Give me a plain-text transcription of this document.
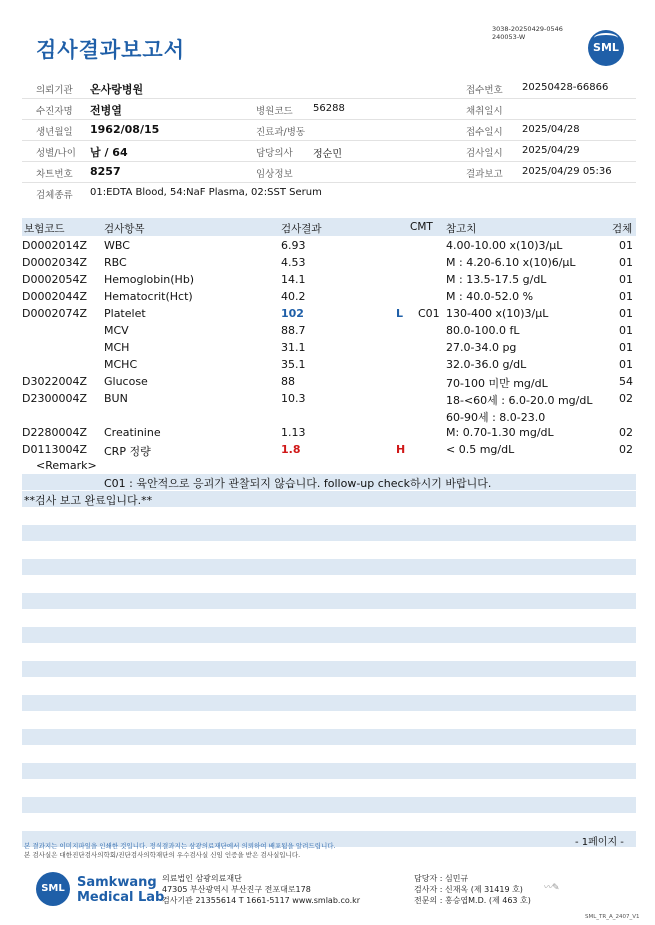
검사결과보고서
3038-20250429-0546
240053-W
SML
의뢰기관 온사랑병원	접수번호 20250428-66866
수진자명 전병열	병원코드 56288	채취일시
생년월일 1962/08/15	진료과/병동	접수일시 2025/04/28
성별/나이 남 / 64	담당의사 정순민	검사일시 2025/04/29
차트번호 8257	임상정보	결과보고 2025/04/29 05:36
검체종류 01:EDTA Blood, 54:NaF Plasma, 02:SST Serum
보험코드	검사항목	검사결과	CMT 참고치	검체
D0002014Z WBC	6.93	4.00-10.00 x(10)3/μL	01
D0002034Z RBC	4.53	M : 4.20-6.10 x(10)6/μL	01
D0002054Z Hemoglobin(Hb)	14.1	M : 13.5-17.5 g/dL	01
D0002044Z Hematocrit(Hct)	40.2	M : 40.0-52.0 %	01
D0002074Z Platelet	102	L C01 130-400 x(10)3/μL	01
MCV	88.7	80.0-100.0 fL	01
MCH	31.1	27.0-34.0 pg	01
MCHC	35.1	32.0-36.0 g/dL	01
D3022004Z Glucose	88	70-100 미만 mg/dL	54
D2300004Z BUN	10.3	18-<60세 : 6.0-20.0 mg/dL 02
60-90세 : 8.0-23.0
D2280004Z Creatinine	1.13	M: 0.70-1.30 mg/dL	02
D0113004Z CRP 정량	1.8	H	< 0.5 mg/dL	02
<Remark>
C01 : 육안적으로 응괴가 관찰되지 않습니다. follow-up check하시기 바랍니다.
**검사 보고 완료입니다.**
- 1페이지 -
본 결과지는 이미지파일을 인쇄한 것입니다. 정식결과지는 삼광의료재단에서 의뢰하여 배포됨을 알려드립니다.
본 검사실은 대한진단검사의학회/진단검사의학재단의 우수검사실 신임 인증을 받은 검사실입니다.
SML Samkwang
Medical Lab
의료법인 삼광의료재단
47305 부산광역시 부산진구 전포대로178
검사기관 21355614 T 1661-5117 www.smlab.co.kr
담당자 : 심민규
검사자 : 신재옥 (제 31419 호)
전문의 : 홍승엽M.D. (제 463 호)
〰✎
SML_TR_A_2407_V1
